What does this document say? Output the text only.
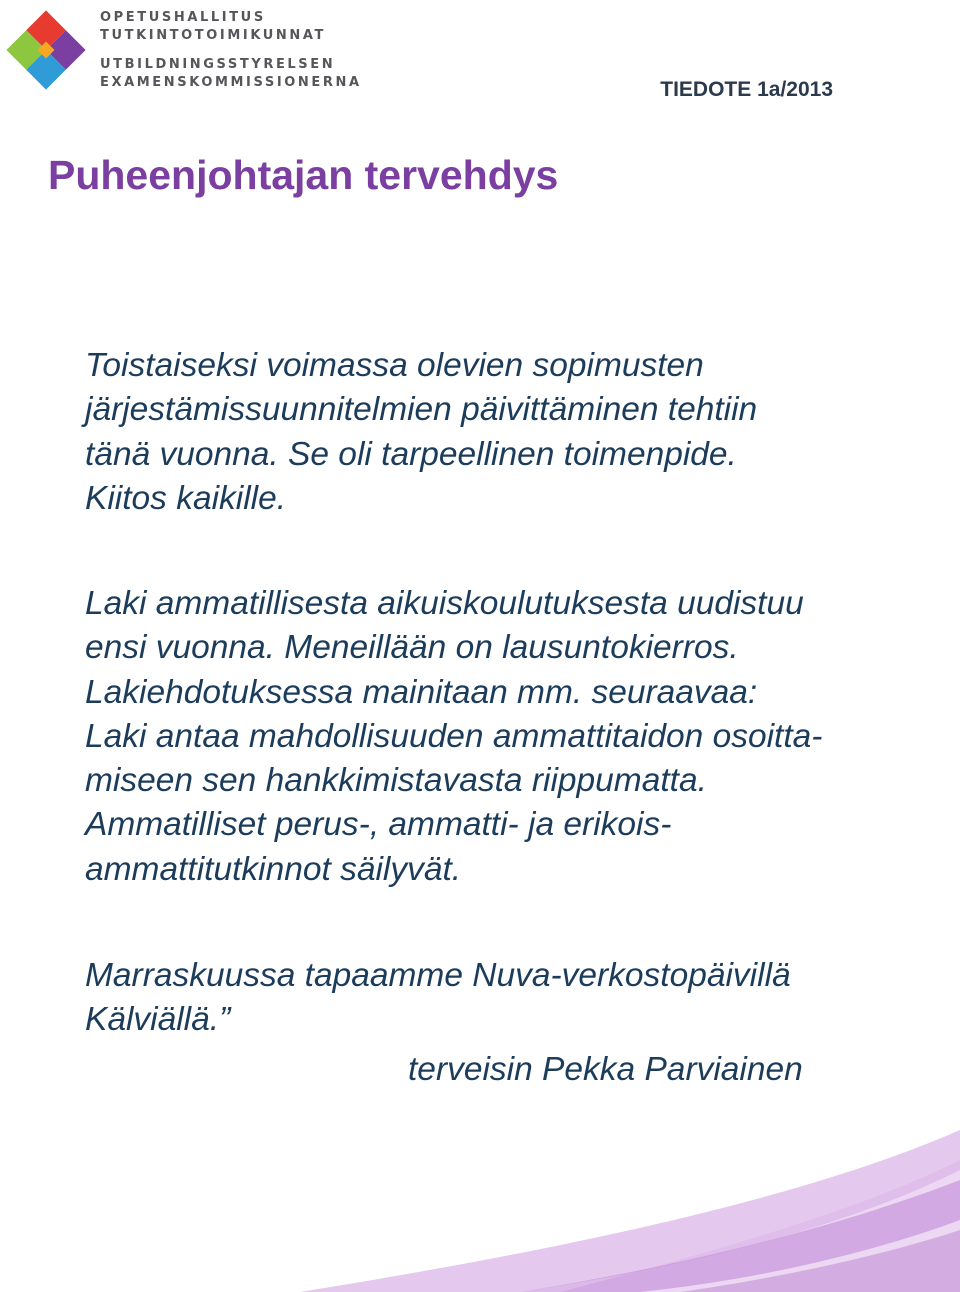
OPETUSHALLITUS
TUTKINTOTOIMIKUNNAT
UTBILDNINGSSTYRELSEN
EXAMENSKOMMISSIONERNA	TIEDOTE 1a/2013
Puheenjohtajan tervehdys

Toistaiseksi voimassa olevien sopimusten
järjestämissuunnitelmien päivittäminen tehtiin
tänä vuonna. Se oli tarpeellinen toimenpide.
Kiitos kaikille.

Laki ammatillisesta aikuiskoulutuksesta uudistuu
ensi vuonna. Meneillään on lausuntokierros.
Lakiehdotuksessa mainitaan mm. seuraavaa:
Laki antaa mahdollisuuden ammattitaidon osoitta-
miseen sen hankkimistavasta riippumatta.
Ammatilliset perus-, ammatti- ja erikois-
ammattitutkinnot säilyvät.

Marraskuussa tapaamme Nuva-verkostopäivillä
Kälviällä.”

terveisin Pekka Parviainen
